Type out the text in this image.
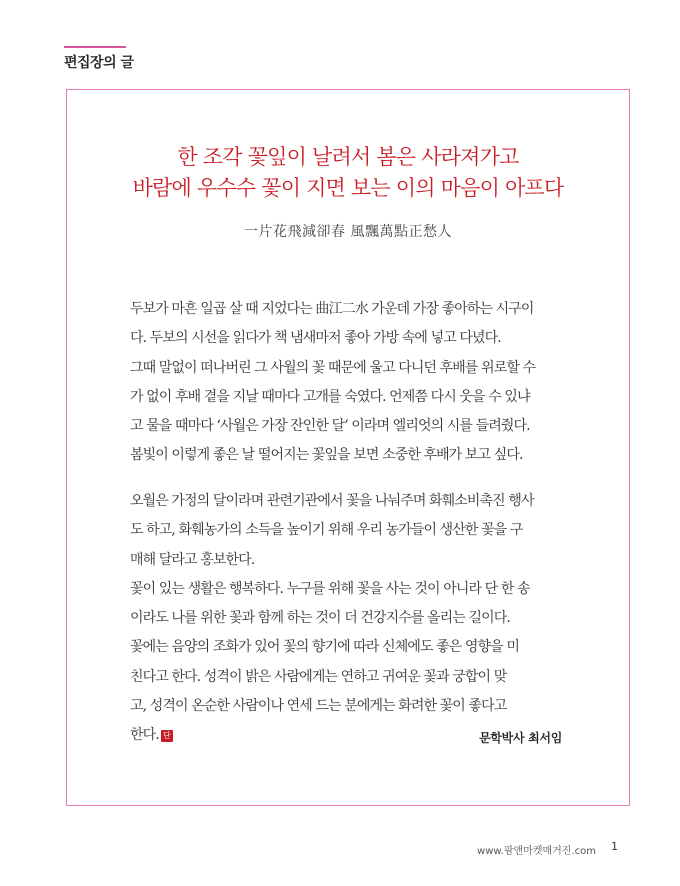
편집장의 글
한 조각 꽃잎이 날려서 봄은 사라져가고
바람에 우수수 꽃이 지면 보는 이의 마음이 아프다
一片花飛減卻春 風飄萬點正愁人
두보가 마흔 일곱 살 때 지었다는 曲江二水 가운데 가장 좋아하는 시구이
다. 두보의 시선을 읽다가 책 냄새마저 좋아 가방 속에 넣고 다녔다.
그때 말없이 떠나버린 그 사월의 꽃 때문에 울고 다니던 후배를 위로할 수
가 없이 후배 곁을 지날 때마다 고개를 숙였다. 언제쯤 다시 웃을 수 있냐
고 물을 때마다 ‘사월은 가장 잔인한 달’ 이라며 엘리엇의 시를 들려줬다.
봄빛이 이렇게 좋은 날 떨어지는 꽃잎을 보면 소중한 후배가 보고 싶다.
오월은 가정의 달이라며 관련기관에서 꽃을 나눠주며 화훼소비촉진 행사
도 하고, 화훼농가의 소득을 높이기 위해 우리 농가들이 생산한 꽃을 구
매해 달라고 홍보한다.
꽃이 있는 생활은 행복하다. 누구를 위해 꽃을 사는 것이 아니라 단 한 송
이라도 나를 위한 꽃과 함께 하는 것이 더 건강지수를 올리는 길이다.
꽃에는 음양의 조화가 있어 꽃의 향기에 따라 신체에도 좋은 영향을 미
친다고 한다. 성격이 밝은 사람에게는 연하고 귀여운 꽃과 궁합이 맞
고, 성격이 온순한 사람이나 연세 드는 분에게는 화려한 꽃이 좋다고
한다. 단	문학박사 최서임
www.팜앤마켓매거진.com 1
